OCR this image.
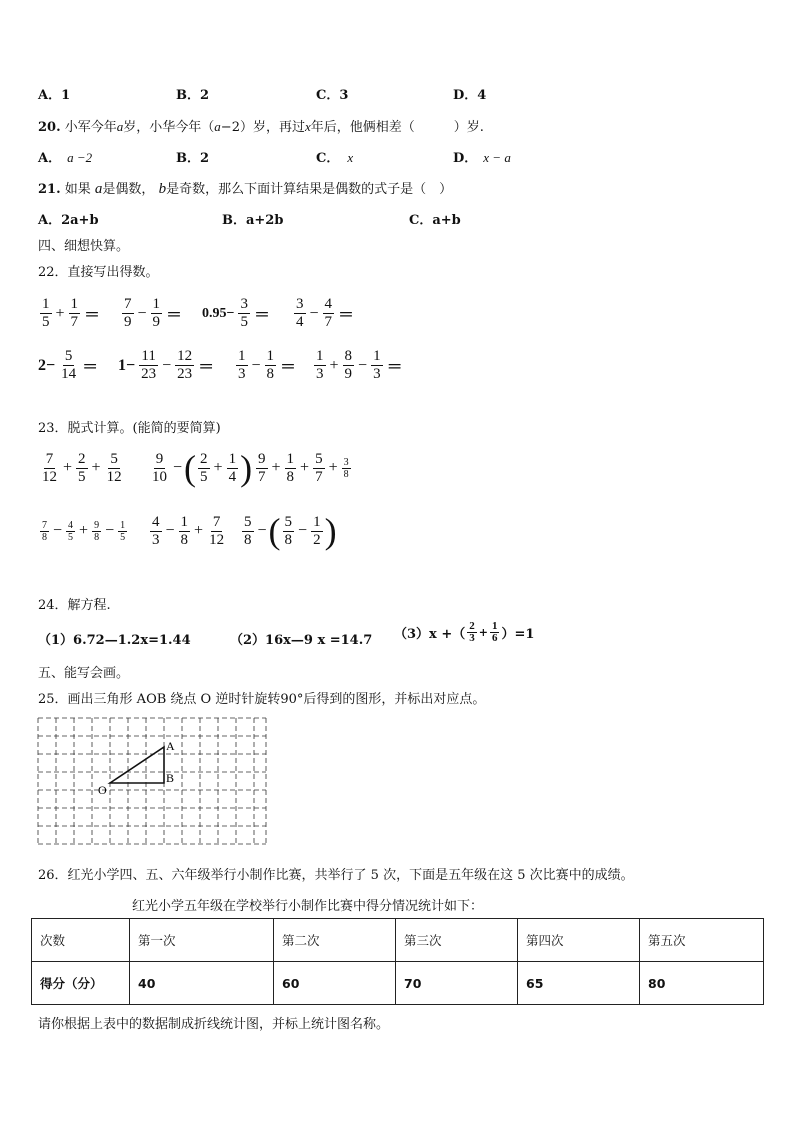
A．1	B．2	C．3	D．4
20. 小军今年a岁，小华今年（a−2）岁，再过x年后，他俩相差（　　　）岁.
A． a −2	B．2	C． x	D． x − a
21. 如果 a是偶数， b是奇数，那么下面计算结果是偶数的式子是（　）
A．2a+b	B．a+2b	C．a+b
四、细想快算。
22．直接写出得数。
$\frac{1}{5} + \frac{1}{7} = \frac{7}{9} - \frac{1}{9} = 0.95- \frac{3}{5} = \frac{3}{4} - \frac{4}{7}$ ＝
$2- \frac{5}{14} = 1- \frac{11}{23} - \frac{12}{23} = \frac{1}{3} - \frac{1}{8} = \frac{1}{3} + \frac{8}{9} - \frac{1}{3}$ ＝
23．脱式计算。(能简的要简算)
$\frac{7}{12} + \frac{2}{5} + \frac{5}{12} \frac{9}{10}$ − ( $\frac{2}{5} + \frac{1}{4}$ ) $\frac{9}{7} + \frac{1}{8} + \frac{5}{7} + \frac{3}{8}$
$\frac{7}{8} - \frac{4}{5} + \frac{9}{8} - \frac{1}{5} \frac{4}{3} - \frac{1}{8} + \frac{7}{12} \frac{5}{8}$ − ( $\frac{5}{8} - \frac{1}{2}$ )
24．解方程.
（1）6.72—1.2x=1.44	（2）16x—9 x =14.7 （3）x +（ $\frac{2}{3} + \frac{1}{6} )=1$
五、能写会画。
25．画出三角形 AOB 绕点 O 逆时针旋转90°后得到的图形，并标出对应点。
O
A
B
26．红光小学四、五、六年级举行小制作比赛，共举行了 5 次，下面是五年级在这 5 次比赛中的成绩。
红光小学五年级在学校举行小制作比赛中得分情况统计如下：
次数	第一次	第二次	第三次	第四次	第五次
得分（分）	40	60	70	65	80
请你根据上表中的数据制成折线统计图，并标上统计图名称。
